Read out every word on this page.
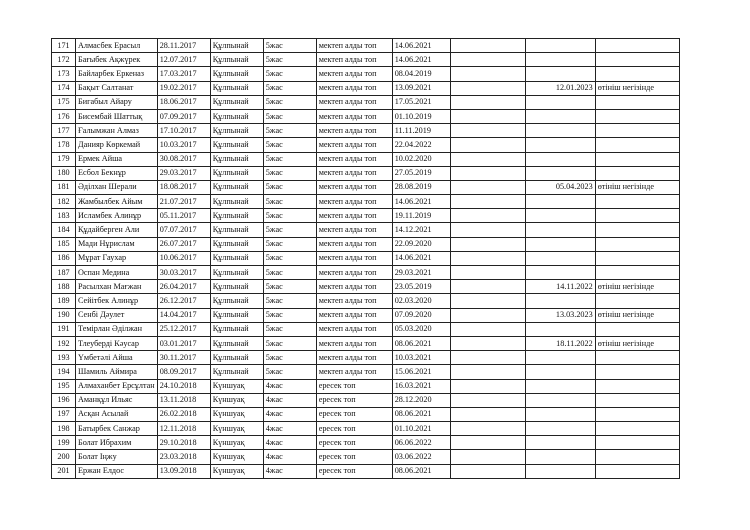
171	Алмасбек Ерасыл	28.11.2017	Құлпынай	5жас	мектеп алды топ	14.06.2021			
172	Бағыбек Ақжүрек	12.07.2017	Құлпынай	5жас	мектеп алды топ	14.06.2021			
173	Байларбек Еркеназ	17.03.2017	Құлпынай	5жас	мектеп алды топ	08.04.2019			
174	Бақыт Салтанат	19.02.2017	Құлпынай	5жас	мектеп алды топ	13.09.2021		12.01.2023	өтініш негізінде
175	Бигабыл Айару	18.06.2017	Құлпынай	5жас	мектеп алды топ	17.05.2021			
176	Бисембай Шаттық	07.09.2017	Құлпынай	5жас	мектеп алды топ	01.10.2019			
177	Ғалымжан Алмаз	17.10.2017	Құлпынай	5жас	мектеп алды топ	11.11.2019			
178	Данияр Көркемай	10.03.2017	Құлпынай	5жас	мектеп алды топ	22.04.2022			
179	Ермек Айша	30.08.2017	Құлпынай	5жас	мектеп алды топ	10.02.2020			
180	Есбол Бекнұр	29.03.2017	Құлпынай	5жас	мектеп алды топ	27.05.2019			
181	Әділхан Шерали	18.08.2017	Құлпынай	5жас	мектеп алды топ	28.08.2019		05.04.2023	өтініш негізінде
182	Жамбылбек Айым	21.07.2017	Құлпынай	5жас	мектеп алды топ	14.06.2021			
183	Исламбек Алинұр	05.11.2017	Құлпынай	5жас	мектеп алды топ	19.11.2019			
184	Құдайберген Али	07.07.2017	Құлпынай	5жас	мектеп алды топ	14.12.2021			
185	Мади Нұрислам	26.07.2017	Құлпынай	5жас	мектеп алды топ	22.09.2020			
186	Мұрат Гаухар	10.06.2017	Құлпынай	5жас	мектеп алды топ	14.06.2021			
187	Оспан Медина	30.03.2017	Құлпынай	5жас	мектеп алды топ	29.03.2021			
188	Расылхан Мағжан	26.04.2017	Құлпынай	5жас	мектеп алды топ	23.05.2019		14.11.2022	өтініш негізінде
189	Сейітбек Алинұр	26.12.2017	Құлпынай	5жас	мектеп алды топ	02.03.2020			
190	Сенбі Дәулет	14.04.2017	Құлпынай	5жас	мектеп алды топ	07.09.2020		13.03.2023	өтініш негізінде
191	Темірлан Әділжан	25.12.2017	Құлпынай	5жас	мектеп алды топ	05.03.2020			
192	Тлеуберді Кәусар	03.01.2017	Құлпынай	5жас	мектеп алды топ	08.06.2021		18.11.2022	өтініш негізінде
193	Үмбетәлі Айша	30.11.2017	Құлпынай	5жас	мектеп алды топ	10.03.2021			
194	Шамиль Аймира	08.09.2017	Құлпынай	5жас	мектеп алды топ	15.06.2021			
195	Алмаханбет Ерсұлтан	24.10.2018	Күншуақ	4жас	ересек топ	16.03.2021			
196	Аманқұл Ильяс	13.11.2018	Күншуақ	4жас	ересек топ	28.12.2020			
197	Асқан Асылай	26.02.2018	Күншуақ	4жас	ересек топ	08.06.2021			
198	Батырбек Санжар	12.11.2018	Күншуақ	4жас	ересек топ	01.10.2021			
199	Болат Ибрахим	29.10.2018	Күншуақ	4жас	ересек топ	06.06.2022			
200	Болат Іңжу	23.03.2018	Күншуақ	4жас	ересек топ	03.06.2022			
201	Ержан Елдос	13.09.2018	Күншуақ	4жас	ересек топ	08.06.2021			
